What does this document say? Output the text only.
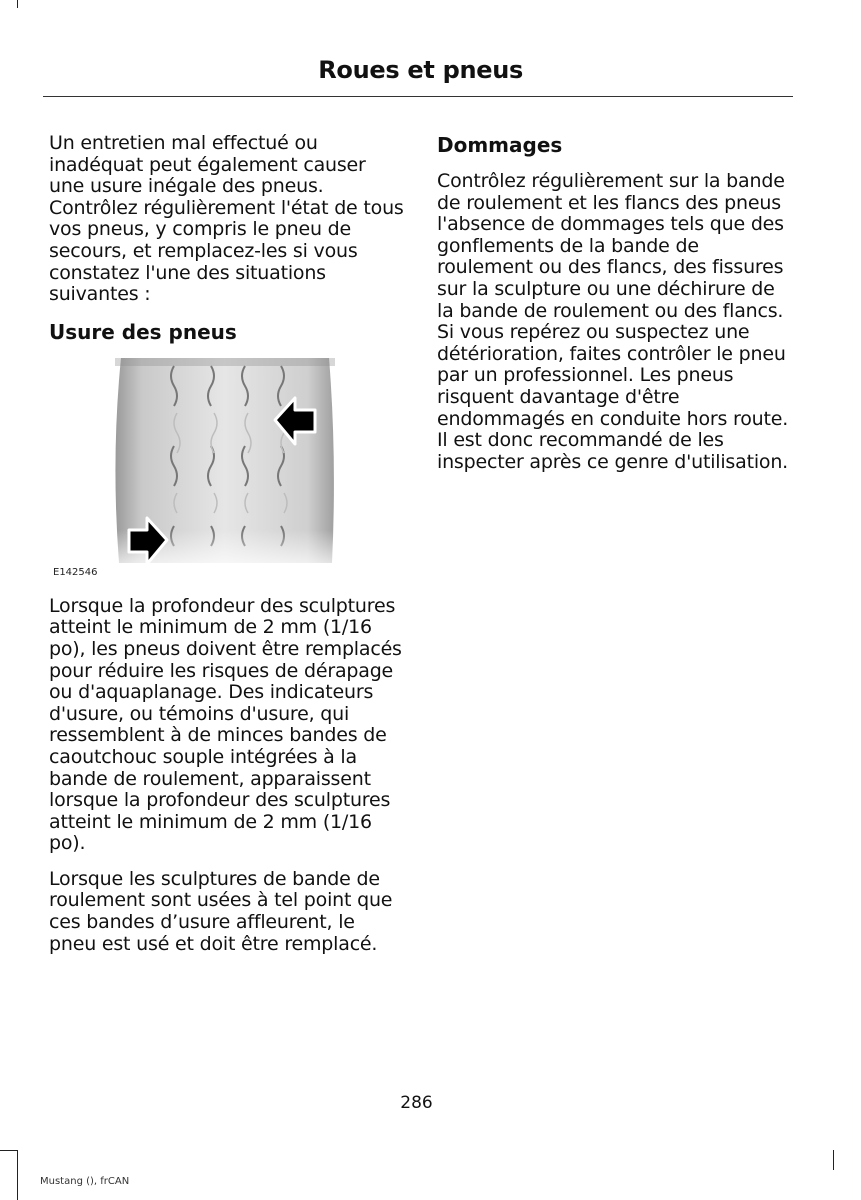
Roues et pneus

Un entretien mal effectué ou inadéquat peut également causer une usure inégale des pneus. Contrôlez régulièrement l'état de tous vos pneus, y compris le pneu de secours, et remplacez-les si vous constatez l'une des situations suivantes :

Usure des pneus
E142546

Lorsque la profondeur des sculptures atteint le minimum de 2 mm (1/16 po), les pneus doivent être remplacés pour réduire les risques de dérapage ou d'aquaplanage. Des indicateurs d'usure, ou témoins d'usure, qui ressemblent à de minces bandes de caoutchouc souple intégrées à la bande de roulement, apparaissent lorsque la profondeur des sculptures atteint le minimum de 2 mm (1/16 po).

Lorsque les sculptures de bande de roulement sont usées à tel point que ces bandes d’usure affleurent, le pneu est usé et doit être remplacé.

Dommages

Contrôlez régulièrement sur la bande de roulement et les flancs des pneus l'absence de dommages tels que des gonflements de la bande de roulement ou des flancs, des fissures sur la sculpture ou une déchirure de la bande de roulement ou des flancs. Si vous repérez ou suspectez une détérioration, faites contrôler le pneu par un professionnel. Les pneus risquent davantage d'être endommagés en conduite hors route. Il est donc recommandé de les inspecter après ce genre d'utilisation.

286
Mustang (), frCAN
